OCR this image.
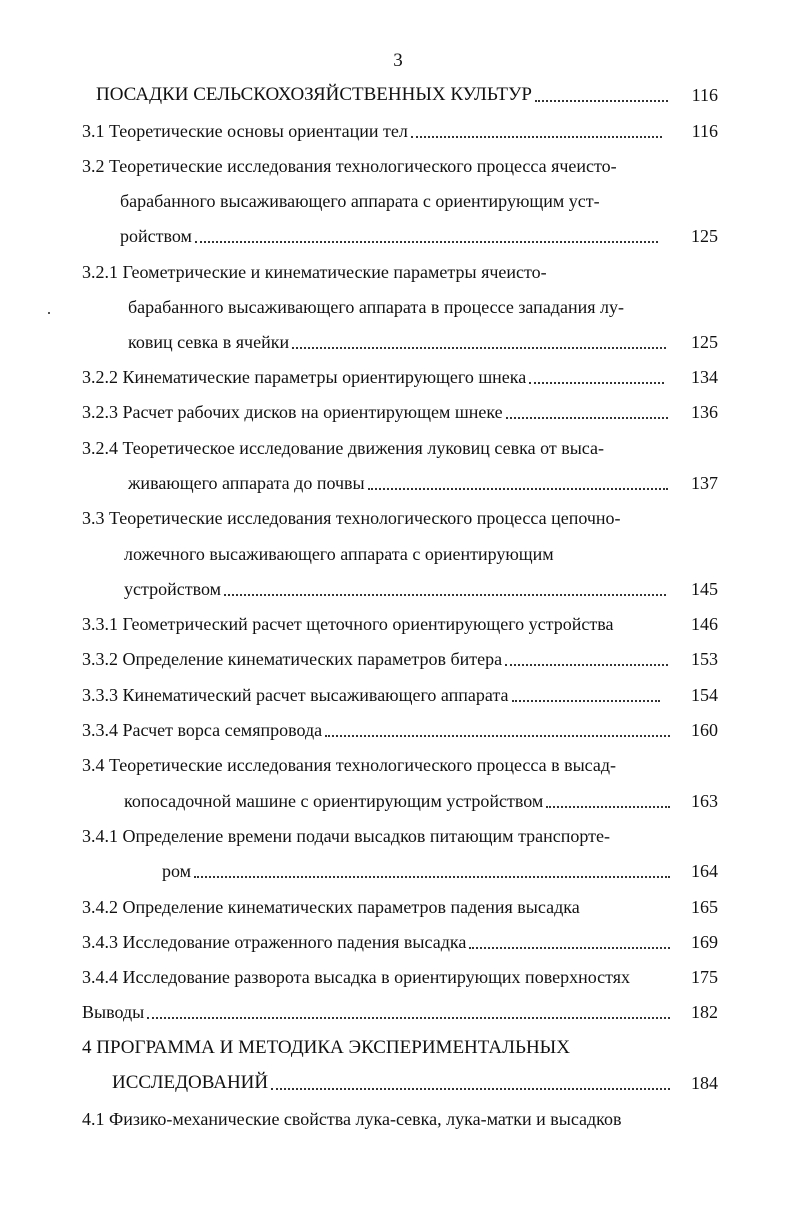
3
ПОСАДКИ СЕЛЬСКОХОЗЯЙСТВЕННЫХ КУЛЬТУР	116
3.1 Теоретические основы ориентации тел	116
3.2 Теоретические исследования технологического процесса ячеисто-
барабанного высаживающего аппарата с ориентирующим уст-
ройством	125
3.2.1 Геометрические и кинематические параметры ячеисто-
барабанного высаживающего аппарата в процессе западания лу-
ковиц севка в ячейки	125
3.2.2 Кинематические параметры ориентирующего шнека	134
3.2.3 Расчет рабочих дисков на ориентирующем шнеке	136
3.2.4 Теоретическое исследование движения луковиц севка от выса-
живающего аппарата до почвы	137
3.3 Теоретические исследования технологического процесса цепочно-
ложечного высаживающего аппарата с ориентирующим
устройством	145
3.3.1 Геометрический расчет щеточного ориентирующего устройства	146
3.3.2 Определение кинематических параметров битера	153
3.3.3 Кинематический расчет высаживающего аппарата	154
3.3.4 Расчет ворса семяпровода	160
3.4 Теоретические исследования технологического процесса в высад-
копосадочной машине с ориентирующим устройством	163
3.4.1 Определение времени подачи высадков питающим транспорте-
ром	164
3.4.2 Определение кинематических параметров падения высадка	165
3.4.3 Исследование отраженного падения высадка	169
3.4.4 Исследование разворота высадка в ориентирующих поверхностях	175
Выводы	182
4 ПРОГРАММА И МЕТОДИКА ЭКСПЕРИМЕНТАЛЬНЫХ
ИССЛЕДОВАНИЙ	184
4.1 Физико-механические свойства лука-севка, лука-матки и высадков
